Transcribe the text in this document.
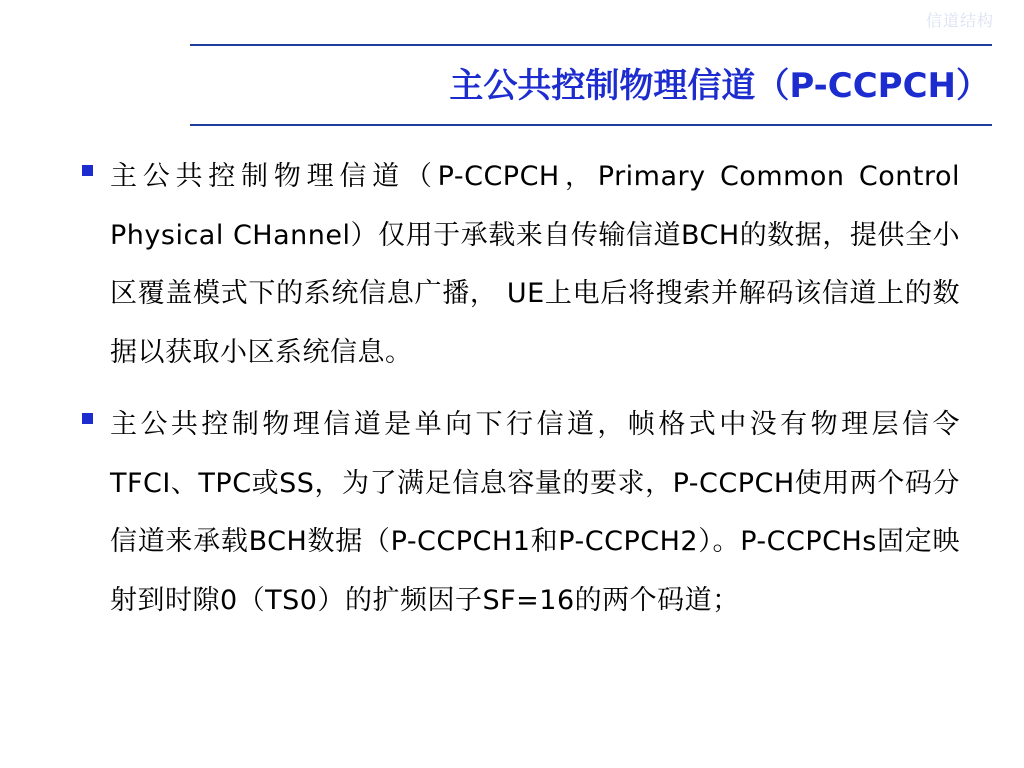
信道结构
主公共控制物理信道（P-CCPCH）

主公共控制物理信道（P-CCPCH，Primary Common Control Physical CHannel）仅用于承载来自传输信道BCH的数据，提供全小区覆盖模式下的系统信息广播， UE上电后将搜索并解码该信道上的数据以获取小区系统信息。

主公共控制物理信道是单向下行信道，帧格式中没有物理层信令TFCI、TPC或SS，为了满足信息容量的要求，P-CCPCH使用两个码分信道来承载BCH数据（P-CCPCH1和P-CCPCH2）。P-CCPCHs固定映射到时隙0（TS0）的扩频因子SF=16的两个码道；
